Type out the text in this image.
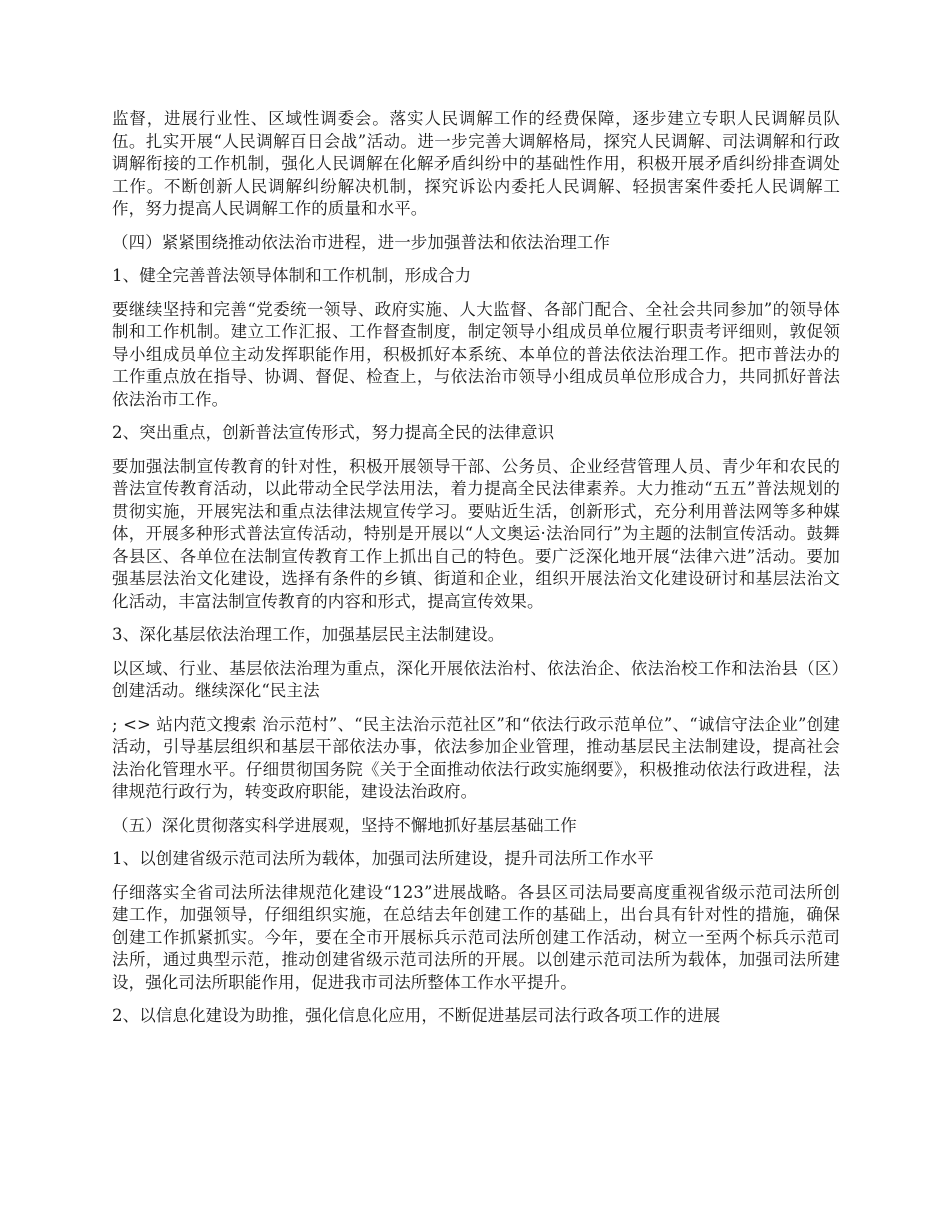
监督，进展行业性、区域性调委会。落实人民调解工作的经费保障，逐步建立专职人民调解员队伍。扎实开展“人民调解百日会战”活动。进一步完善大调解格局，探究人民调解、司法调解和行政调解衔接的工作机制，强化人民调解在化解矛盾纠纷中的基础性作用，积极开展矛盾纠纷排查调处工作。不断创新人民调解纠纷解决机制，探究诉讼内委托人民调解、轻损害案件委托人民调解工作，努力提高人民调解工作的质量和水平。

（四）紧紧围绕推动依法治市进程，进一步加强普法和依法治理工作

1、健全完善普法领导体制和工作机制，形成合力

要继续坚持和完善“党委统一领导、政府实施、人大监督、各部门配合、全社会共同参加”的领导体制和工作机制。建立工作汇报、工作督查制度，制定领导小组成员单位履行职责考评细则，敦促领导小组成员单位主动发挥职能作用，积极抓好本系统、本单位的普法依法治理工作。把市普法办的工作重点放在指导、协调、督促、检查上，与依法治市领导小组成员单位形成合力，共同抓好普法依法治市工作。

2、突出重点，创新普法宣传形式，努力提高全民的法律意识

要加强法制宣传教育的针对性，积极开展领导干部、公务员、企业经营管理人员、青少年和农民的普法宣传教育活动，以此带动全民学法用法，着力提高全民法律素养。大力推动“五五”普法规划的贯彻实施，开展宪法和重点法律法规宣传学习。要贴近生活，创新形式，充分利用普法网等多种媒体，开展多种形式普法宣传活动，特别是开展以“人文奥运·法治同行”为主题的法制宣传活动。鼓舞各县区、各单位在法制宣传教育工作上抓出自己的特色。要广泛深化地开展“法律六进”活动。要加强基层法治文化建设，选择有条件的乡镇、街道和企业，组织开展法治文化建设研讨和基层法治文化活动，丰富法制宣传教育的内容和形式，提高宣传效果。

3、深化基层依法治理工作，加强基层民主法制建设。

以区域、行业、基层依法治理为重点，深化开展依法治村、依法治企、依法治校工作和法治县（区）创建活动。继续深化“民主法

; <> 站内范文搜索 治示范村”、“民主法治示范社区”和“依法行政示范单位”、“诚信守法企业”创建活动，引导基层组织和基层干部依法办事，依法参加企业管理，推动基层民主法制建设，提高社会法治化管理水平。仔细贯彻国务院《关于全面推动依法行政实施纲要》，积极推动依法行政进程，法律规范行政行为，转变政府职能，建设法治政府。

（五）深化贯彻落实科学进展观，坚持不懈地抓好基层基础工作

1、以创建省级示范司法所为载体，加强司法所建设，提升司法所工作水平

仔细落实全省司法所法律规范化建设“123”进展战略。各县区司法局要高度重视省级示范司法所创建工作，加强领导，仔细组织实施，在总结去年创建工作的基础上，出台具有针对性的措施，确保创建工作抓紧抓实。今年，要在全市开展标兵示范司法所创建工作活动，树立一至两个标兵示范司法所，通过典型示范，推动创建省级示范司法所的开展。以创建示范司法所为载体，加强司法所建设，强化司法所职能作用，促进我市司法所整体工作水平提升。

2、以信息化建设为助推，强化信息化应用，不断促进基层司法行政各项工作的进展
